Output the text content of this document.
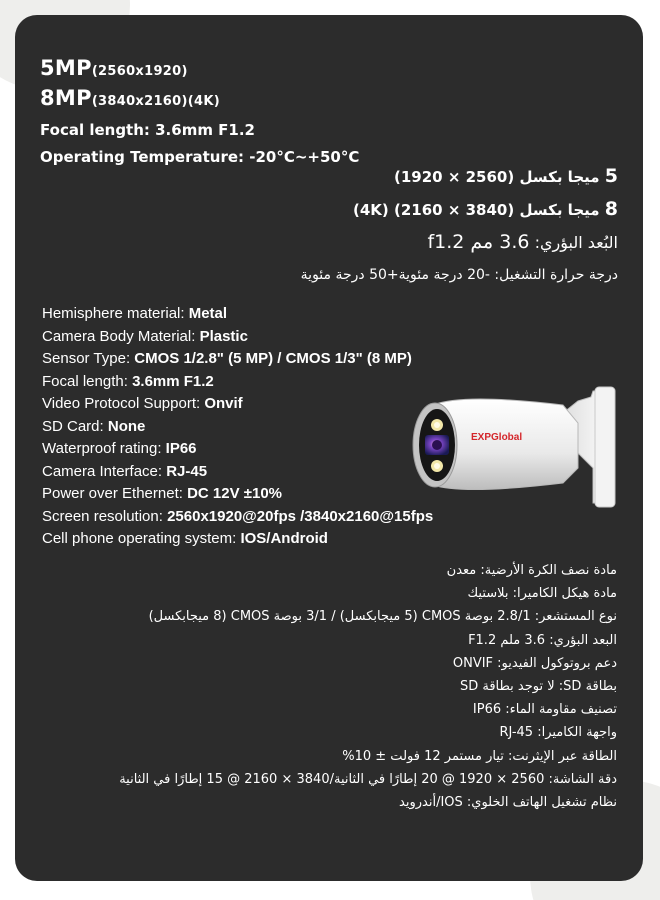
5MP(2560x1920)
8MP(3840x2160)(4K)
Focal length: 3.6mm F1.2
Operating Temperature: -20°C~+50°C
5 ميجا بكسل (2560 × 1920)
8 ميجا بكسل (3840 × 2160) (4K)
البُعد البؤري: 3.6 مم f1.2
درجة حرارة التشغيل: -20 درجة مئوية+50 درجة مئوية
Hemisphere material: Metal
Camera Body Material: Plastic
Sensor Type: CMOS 1/2.8" (5 MP) / CMOS 1/3" (8 MP)
Focal length: 3.6mm F1.2
Video Protocol Support: Onvif
SD Card: None
Waterproof rating: IP66
Camera Interface: RJ-45
Power over Ethernet: DC 12V ±10%
Screen resolution: 2560x1920@20fps /3840x2160@15fps
Cell phone operating system: IOS/Android
EXPGlobal
مادة نصف الكرة الأرضية: معدن
مادة هيكل الكاميرا: بلاستيك
نوع المستشعر: 2.8/1 بوصة CMOS (5 ميجابكسل) / 3/1 بوصة CMOS (8 ميجابكسل)
البعد البؤري: 3.6 ملم F1.2
دعم بروتوكول الفيديو: ONVIF
بطاقة SD: لا توجد بطاقة SD
تصنيف مقاومة الماء: IP66
واجهة الكاميرا: RJ-45
الطاقة عبر الإيثرنت: تيار مستمر 12 فولت ± 10%
دقة الشاشة: 2560 × 1920 @ 20 إطارًا في الثانية/3840 × 2160 @ 15 إطارًا في الثانية
نظام تشغيل الهاتف الخلوي: IOS/أندرويد
